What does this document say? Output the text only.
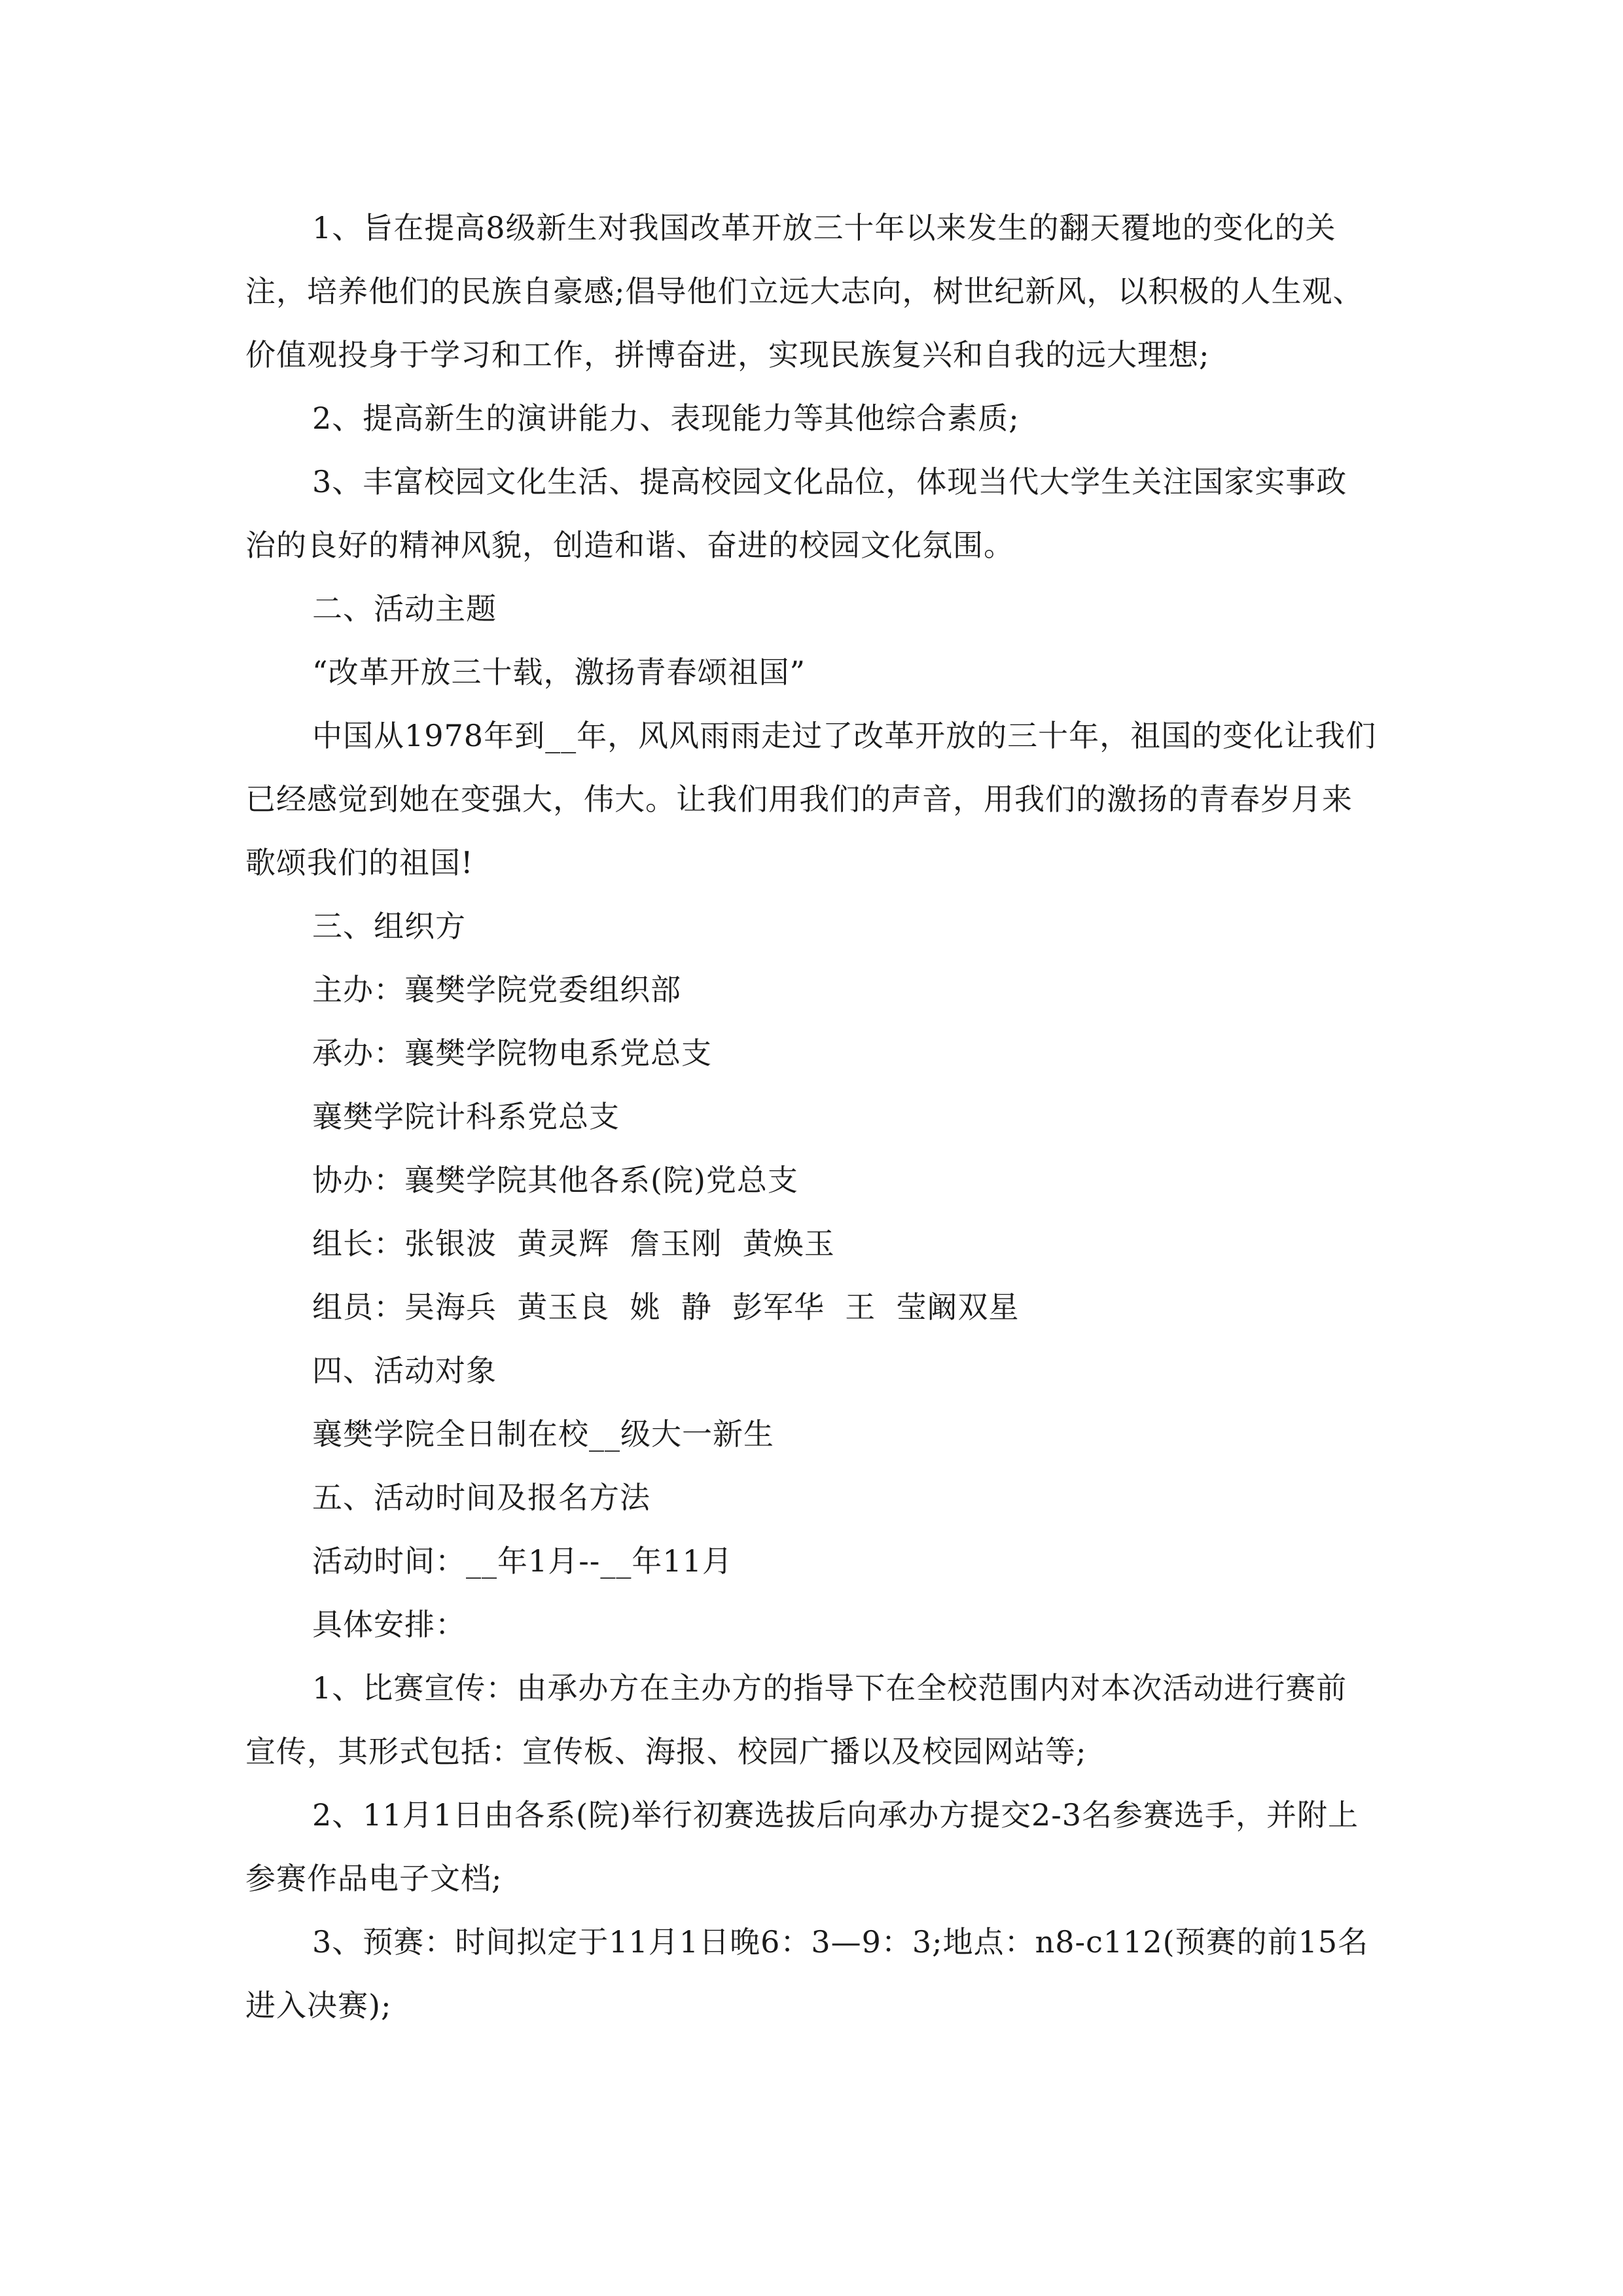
1、旨在提高8级新生对我国改革开放三十年以来发生的翻天覆地的变化的关注，培养他们的民族自豪感;倡导他们立远大志向，树世纪新风，以积极的人生观、价值观投身于学习和工作，拼博奋进，实现民族复兴和自我的远大理想;

2、提高新生的演讲能力、表现能力等其他综合素质;

3、丰富校园文化生活、提高校园文化品位，体现当代大学生关注国家实事政治的良好的精神风貌，创造和谐、奋进的校园文化氛围。

二、活动主题

“改革开放三十载，激扬青春颂祖国”

中国从1978年到__年，风风雨雨走过了改革开放的三十年，祖国的变化让我们已经感觉到她在变强大，伟大。让我们用我们的声音，用我们的激扬的青春岁月来歌颂我们的祖国!

三、组织方

主办：襄樊学院党委组织部

承办：襄樊学院物电系党总支

襄樊学院计科系党总支

协办：襄樊学院其他各系(院)党总支

组长：张银波  黄灵辉  詹玉刚  黄焕玉

组员：吴海兵  黄玉良  姚  静  彭军华  王  莹阚双星

四、活动对象

襄樊学院全日制在校__级大一新生

五、活动时间及报名方法

活动时间：__年1月--__年11月

具体安排：

1、比赛宣传：由承办方在主办方的指导下在全校范围内对本次活动进行赛前宣传，其形式包括：宣传板、海报、校园广播以及校园网站等;

2、11月1日由各系(院)举行初赛选拔后向承办方提交2-3名参赛选手，并附上参赛作品电子文档;

3、预赛：时间拟定于11月1日晚6：3—9：3;地点：n8-c112(预赛的前15名进入决赛);
